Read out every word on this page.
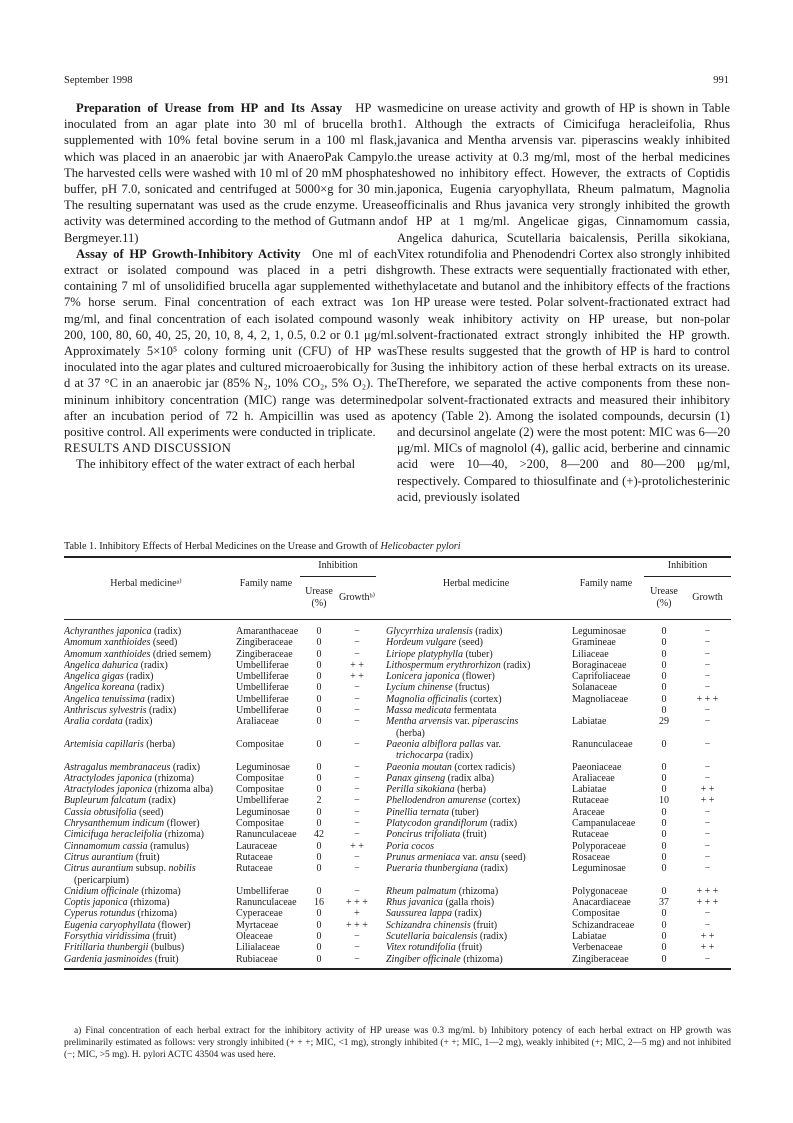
September 1998	991

Preparation of Urease from HP and Its Assay HP was inoculated from an agar plate into 30 ml of brucella broth supplemented with 10% fetal bovine serum in a 100 ml flask, which was placed in an anaerobic jar with AnaeroPak Campylo. The harvested cells were washed with 10 ml of 20 mM phosphate buffer, pH 7.0, sonicated and centrifuged at 5000×g for 30 min. The resulting supernatant was used as the crude enzyme. Urease activity was determined according to the method of Gutmann and Bergmeyer.11)

Assay of HP Growth-Inhibitory Activity One ml of each extract or isolated compound was placed in a petri dish containing 7 ml of unsolidified brucella agar supplemented with 7% horse serum. Final concentration of each extract was 1 mg/ml, and final concentration of each isolated compound was 200, 100, 80, 60, 40, 25, 20, 10, 8, 4, 2, 1, 0.5, 0.2 or 0.1 μg/ml. Approximately 5×10⁵ colony forming unit (CFU) of HP was inoculated into the agar plates and cultured microaerobically for 3 d at 37 °C in an anaerobic jar (85% N₂, 10% CO₂, 5% O₂). The mininum inhibitory concentration (MIC) range was determined after an incubation period of 72 h. Ampicillin was used as a positive control. All experiments were conducted in triplicate.

RESULTS AND DISCUSSION

The inhibitory effect of the water extract of each herbal

medicine on urease activity and growth of HP is shown in Table 1. Although the extracts of Cimicifuga heracleifolia, Rhus javanica and Mentha arvensis var. piperascins weakly inhibited the urease activity at 0.3 mg/ml, most of the herbal medicines showed no inhibitory effect. However, the extracts of Coptidis japonica, Eugenia caryophyllata, Rheum palmatum, Magnolia officinalis and Rhus javanica very strongly inhibited the growth of HP at 1 mg/ml. Angelicae gigas, Cinnamomum cassia, Angelica dahurica, Scutellaria baicalensis, Perilla sikokiana, Vitex rotundifolia and Phenodendri Cortex also strongly inhibited growth. These extracts were sequentially fractionated with ether, ethylacetate and butanol and the inhibitory effects of the fractions on HP urease were tested. Polar solvent-fractionated extract had only weak inhibitory activity on HP urease, but non-polar solvent-fractionated extract strongly inhibited the HP growth. These results suggested that the growth of HP is hard to control using the inhibitory action of these herbal extracts on its urease. Therefore, we separated the active components from these non-polar solvent-fractionated extracts and measured their inhibitory potency (Table 2). Among the isolated compounds, decursin (1) and decursinol angelate (2) were the most potent: MIC was 6—20 μg/ml. MICs of magnolol (4), gallic acid, berberine and cinnamic acid were 10—40, >200, 8—200 and 80—200 μg/ml, respectively. Compared to thiosulfinate and (+)-protolichesterinic acid, previously isolated

Table 1. Inhibitory Effects of Herbal Medicines on the Urease and Growth of Helicobacter pylori
Inhibition	Inhibition
Herbal medicineᵃ⁾	Family name
Urease
(%)
Growthᵇ⁾
Herbal medicine	Family name
Urease
(%)
Growth
Achyranthes japonica (radix)	Amaranthaceae	0	−		Glycyrrhiza uralensis (radix)	Leguminosae	0	−
Amomum xanthioides (seed)	Zingiberaceae	0	−		Hordeum vulgare (seed)	Gramineae	0	−
Amomum xanthioides (dried semem)	Zingiberaceae	0	−		Liriope platyphylla (tuber)	Liliaceae	0	−
Angelica dahurica (radix)	Umbelliferae	0	+ +		Lithospermum erythrorhizon (radix)	Boraginaceae	0	−
Angelica gigas (radix)	Umbelliferae	0	+ +		Lonicera japonica (flower)	Caprifoliaceae	0	−
Angelica koreana (radix)	Umbelliferae	0	−		Lycium chinense (fructus)	Solanaceae	0	−
Angelica tenuissima (radix)	Umbelliferae	0	−		Magnolia officinalis (cortex)	Magnoliaceae	0	+ + +
Anthriscus sylvestris (radix)	Umbelliferae	0	−		Massa medicata fermentata		0	−
Aralia cordata (radix)	Araliaceae	0	−		Mentha arvensis var. piperascins	Labiatae	29	−
					(herba)			
Artemisia capillaris (herba)	Compositae	0	−		Paeonia albiflora pallas var.	Ranunculaceae	0	−
					trichocarpa (radix)			
Astragalus membranaceus (radix)	Leguminosae	0	−		Paeonia moutan (cortex radicis)	Paeoniaceae	0	−
Atractylodes japonica (rhizoma)	Compositae	0	−		Panax ginseng (radix alba)	Araliaceae	0	−
Atractylodes japonica (rhizoma alba)	Compositae	0	−		Perilla sikokiana (herba)	Labiatae	0	+ +
Bupleurum falcatum (radix)	Umbelliferae	2	−		Phellodendron amurense (cortex)	Rutaceae	10	+ +
Cassia obtusifolia (seed)	Leguminosae	0	−		Pinellia ternata (tuber)	Araceae	0	−
Chrysanthemum indicum (flower)	Compositae	0	−		Platycodon grandiflorum (radix)	Campanulaceae	0	−
Cimicifuga heracleifolia (rhizoma)	Ranunculaceae	42	−		Poncirus trifoliata (fruit)	Rutaceae	0	−
Cinnamomum cassia (ramulus)	Lauraceae	0	+ +		Poria cocos	Polyporaceae	0	−
Citrus aurantium (fruit)	Rutaceae	0	−		Prunus armeniaca var. ansu (seed)	Rosaceae	0	−
Citrus aurantium subsup. nobilis	Rutaceae	0	−		Pueraria thunbergiana (radix)	Leguminosae	0	−
(pericarpium)								
Cnidium officinale (rhizoma)	Umbelliferae	0	−		Rheum palmatum (rhizoma)	Polygonaceae	0	+ + +
Coptis japonica (rhizoma)	Ranunculaceae	16	+ + +		Rhus javanica (galla rhois)	Anacardiaceae	37	+ + +
Cyperus rotundus (rhizoma)	Cyperaceae	0	+		Saussurea lappa (radix)	Compositae	0	−
Eugenia caryophyllata (flower)	Myrtaceae	0	+ + +		Schizandra chinensis (fruit)	Schizandraceae	0	−
Forsythia viridissima (fruit)	Oleaceae	0	−		Scutellaria baicalensis (radix)	Labiatae	0	+ +
Fritillaria thunbergii (bulbus)	Lilialaceae	0	−		Vitex rotundifolia (fruit)	Verbenaceae	0	+ +
Gardenia jasminoides (fruit)	Rubiaceae	0	−		Zingiber officinale (rhizoma)	Zingiberaceae	0	−

a) Final concentration of each herbal extract for the inhibitory activity of HP urease was 0.3 mg/ml. b) Inhibitory potency of each herbal extract on HP growth was preliminarily estimated as follows: very strongly inhibited (+ + +; MIC, <1 mg), strongly inhibited (+ +; MIC, 1—2 mg), weakly inhibited (+; MIC, 2—5 mg) and not inhibited (−; MIC, >5 mg). H. pylori ACTC 43504 was used here.
